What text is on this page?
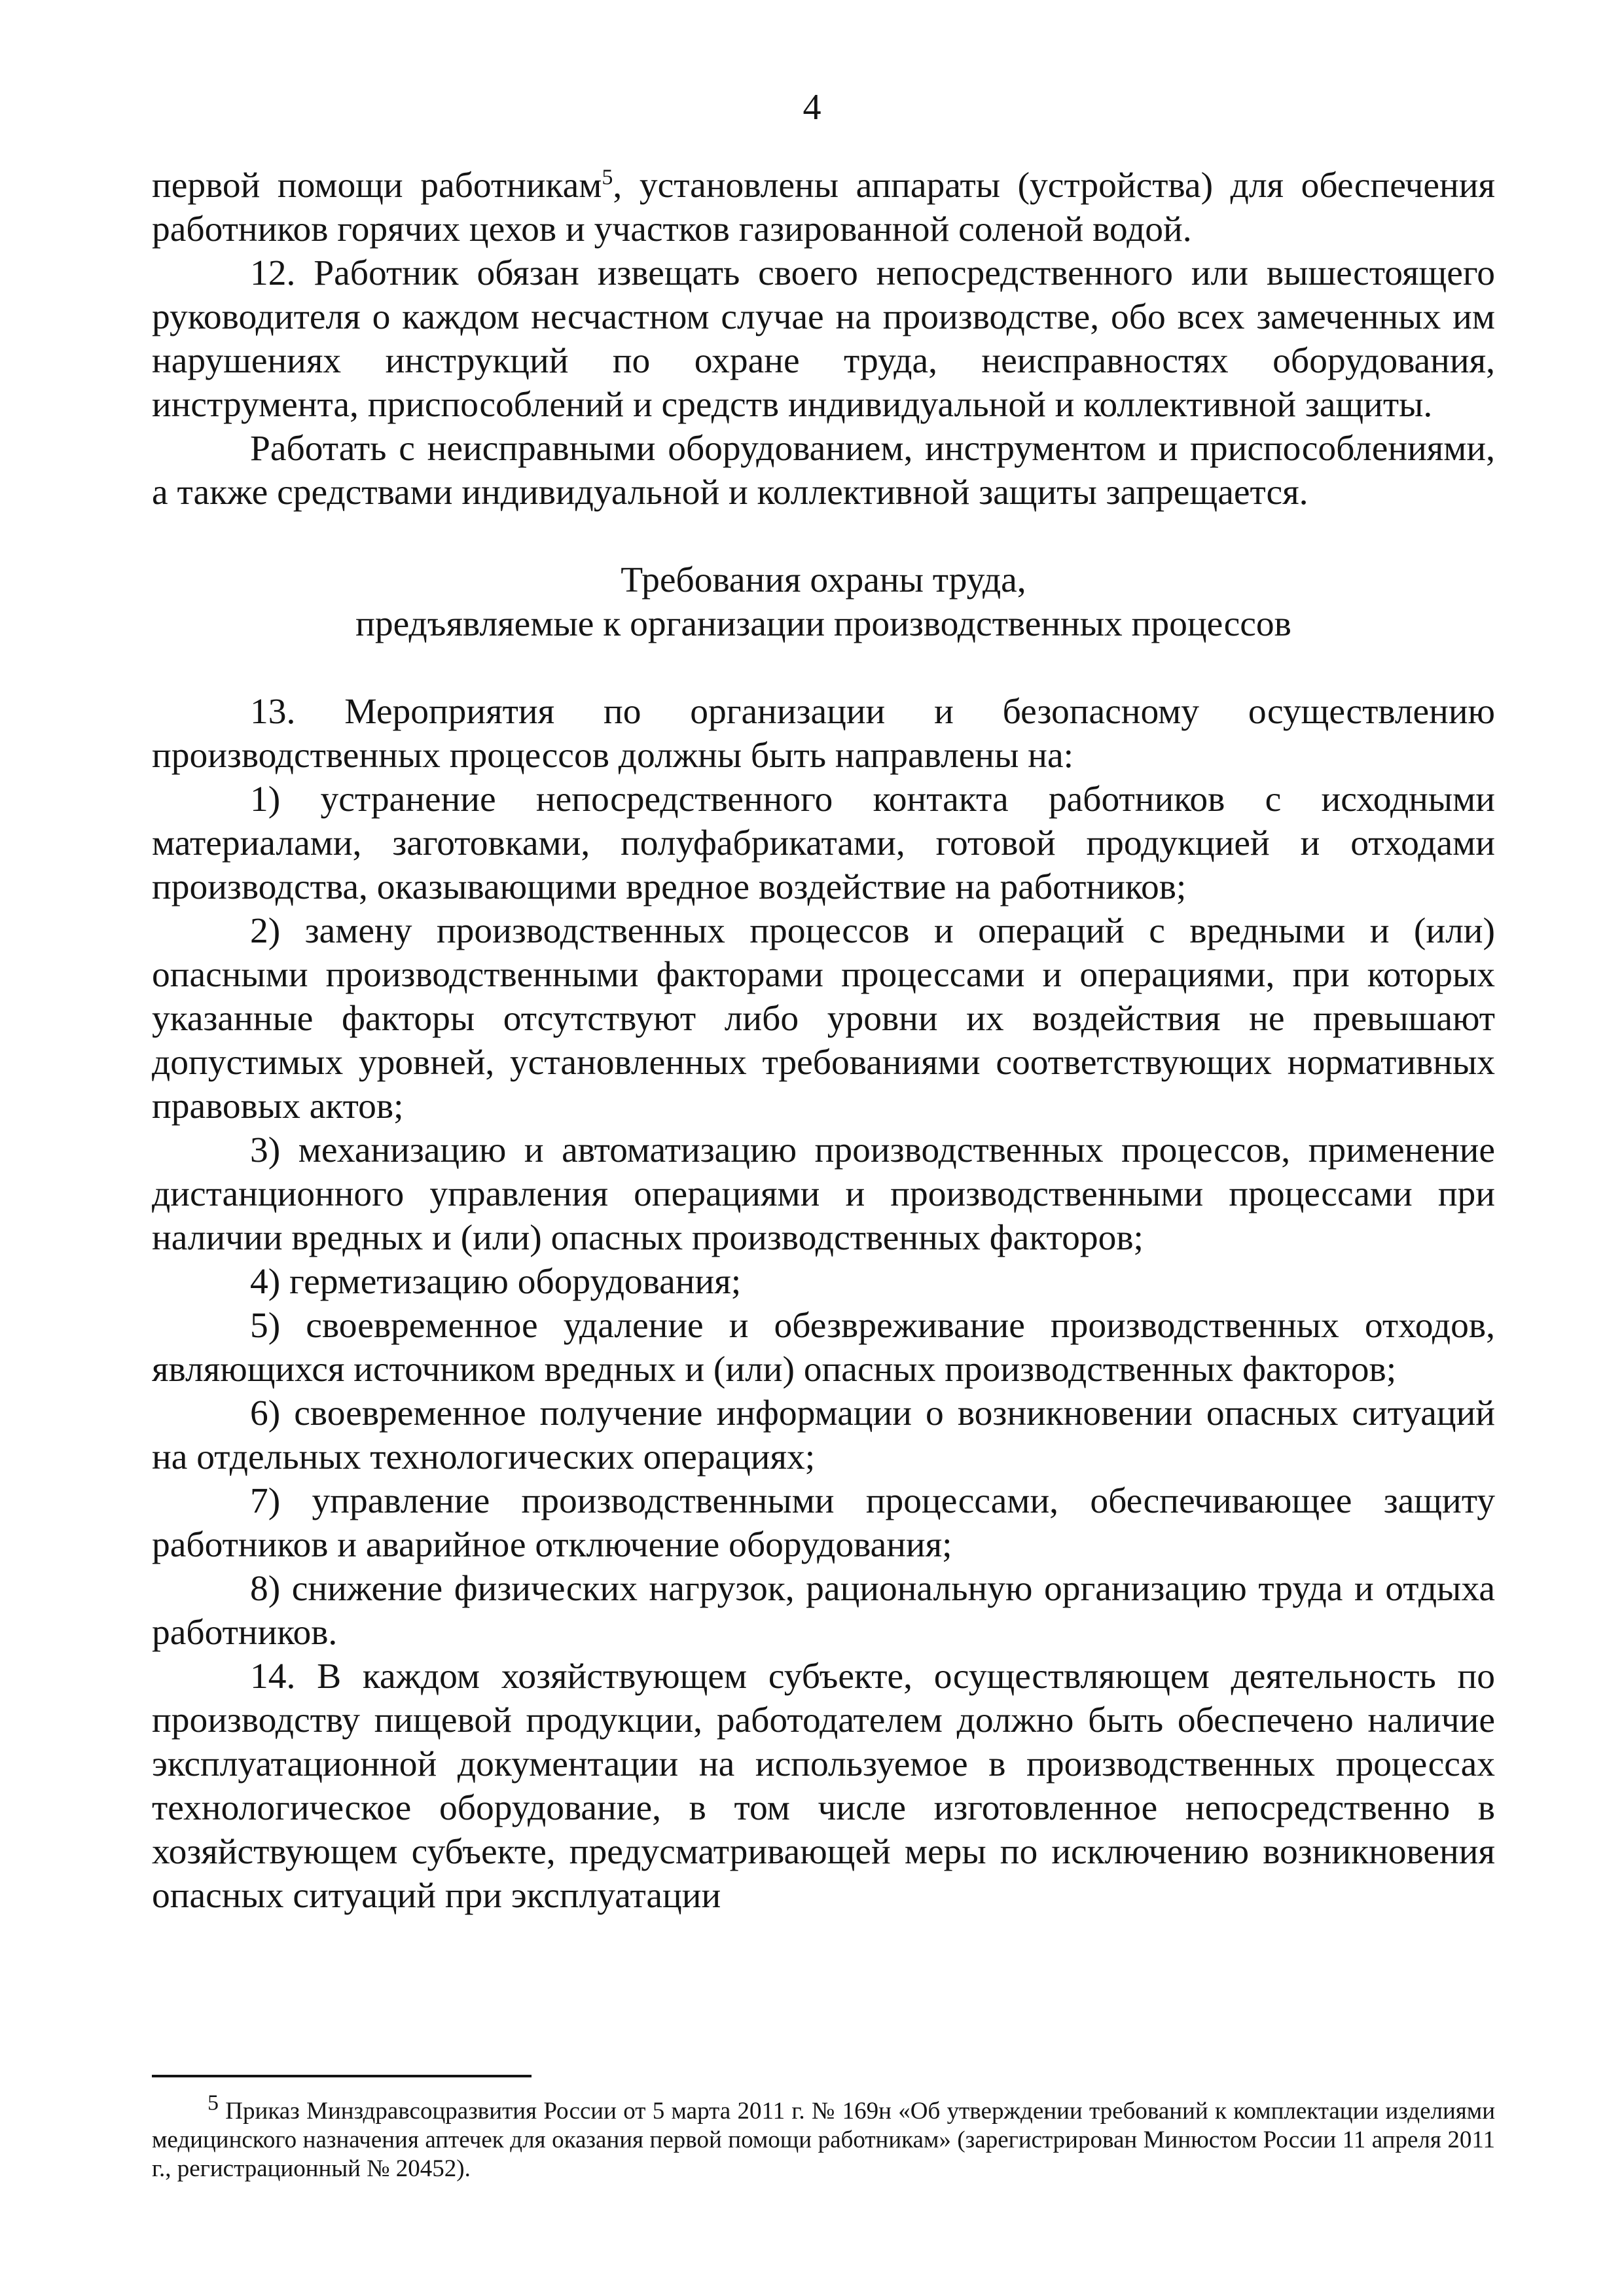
4

первой помощи работникам$^5$, установлены аппараты (устройства) для обеспечения работников горячих цехов и участков газированной соленой водой.

12. Работник обязан извещать своего непосредственного или вышестоящего руководителя о каждом несчастном случае на производстве, обо всех замеченных им нарушениях инструкций по охране труда, неисправностях оборудования, инструмента, приспособлений и средств индивидуальной и коллективной защиты.

Работать с неисправными оборудованием, инструментом и приспособлениями, а также средствами индивидуальной и коллективной защиты запрещается.

Требования охраны труда,
предъявляемые к организации производственных процессов

13. Мероприятия по организации и безопасному осуществлению производственных процессов должны быть направлены на:

1) устранение непосредственного контакта работников с исходными материалами, заготовками, полуфабрикатами, готовой продукцией и отходами производства, оказывающими вредное воздействие на работников;

2) замену производственных процессов и операций с вредными и (или) опасными производственными факторами процессами и операциями, при которых указанные факторы отсутствуют либо уровни их воздействия не превышают допустимых уровней, установленных требованиями соответствующих нормативных правовых актов;

3) механизацию и автоматизацию производственных процессов, применение дистанционного управления операциями и производственными процессами при наличии вредных и (или) опасных производственных факторов;

4) герметизацию оборудования;

5) своевременное удаление и обезвреживание производственных отходов, являющихся источником вредных и (или) опасных производственных факторов;

6) своевременное получение информации о возникновении опасных ситуаций на отдельных технологических операциях;

7) управление производственными процессами, обеспечивающее защиту работников и аварийное отключение оборудования;

8) снижение физических нагрузок, рациональную организацию труда и отдыха работников.

14. В каждом хозяйствующем субъекте, осуществляющем деятельность по производству пищевой продукции, работодателем должно быть обеспечено наличие эксплуатационной документации на используемое в производственных процессах технологическое оборудование, в том числе изготовленное непосредственно в хозяйствующем субъекте, предусматривающей меры по исключению возникновения опасных ситуаций при эксплуатации

$^5$ Приказ Минздравсоцразвития России от 5 марта 2011 г. № 169н «Об утверждении требований к комплектации изделиями медицинского назначения аптечек для оказания первой помощи работникам» (зарегистрирован Минюстом России 11 апреля 2011 г., регистрационный № 20452).
